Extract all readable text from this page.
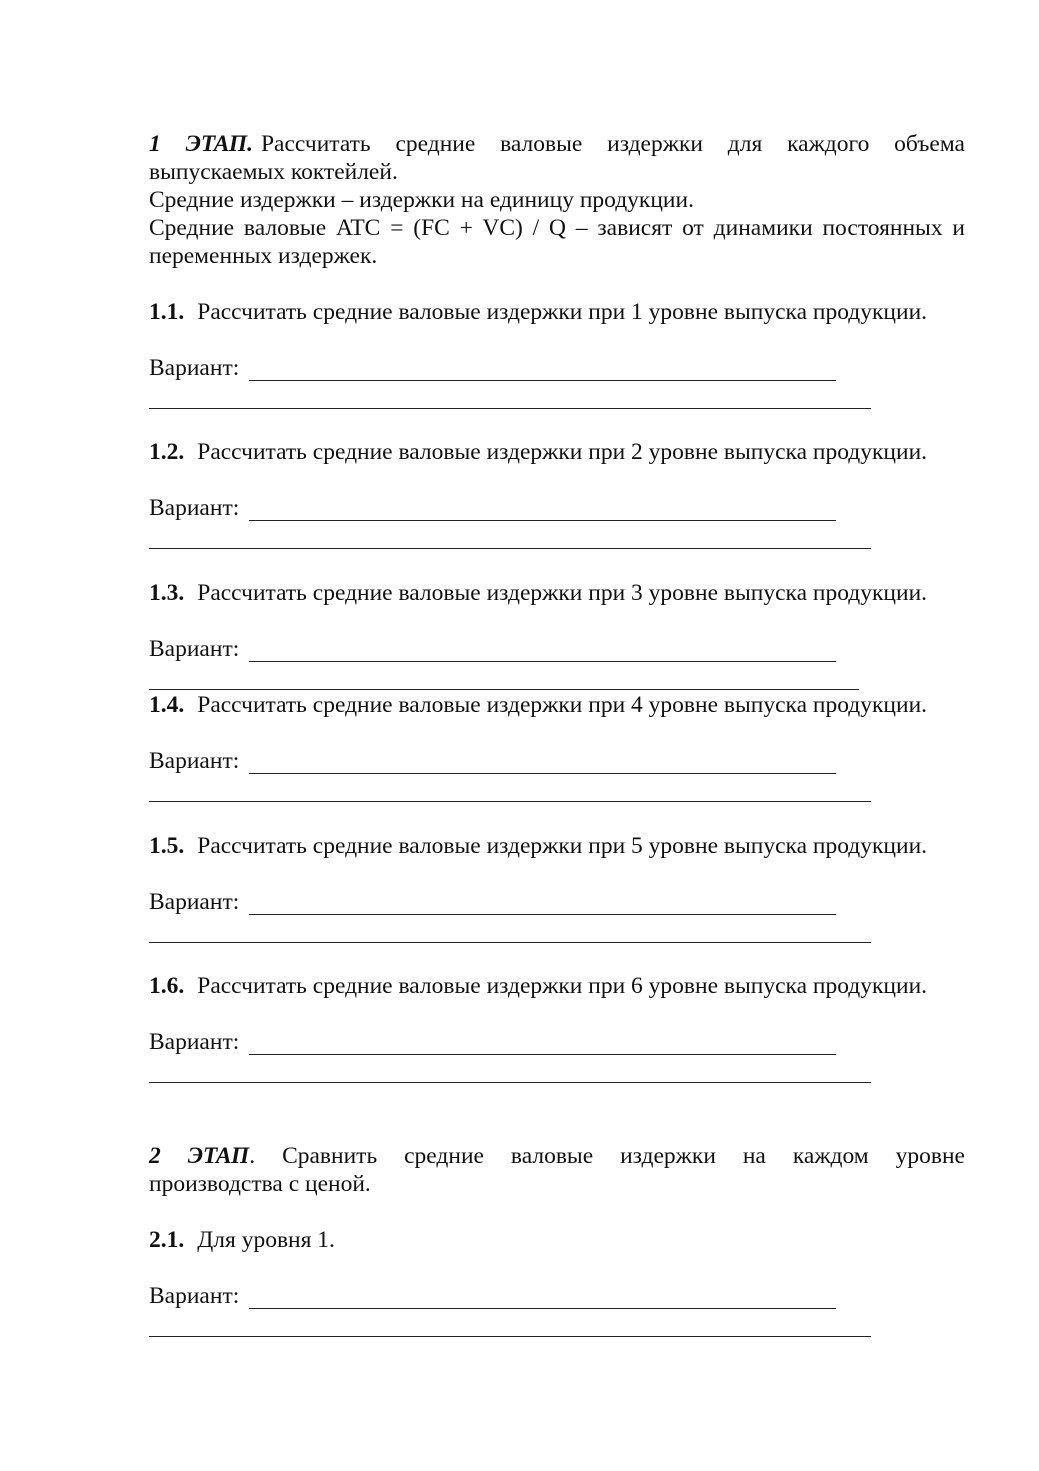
1 ЭТАП. Рассчитать средние валовые издержки для каждого объема
выпускаемых коктейлей.
Средние издержки – издержки на единицу продукции.
Средние валовые ATC = (FC + VC) / Q – зависят от динамики постоянных и
переменных издержек.
1.1. Рассчитать средние валовые издержки при 1 уровне выпуска продукции.
Вариант:
1.2. Рассчитать средние валовые издержки при 2 уровне выпуска продукции.
Вариант:
1.3. Рассчитать средние валовые издержки при 3 уровне выпуска продукции.
Вариант:
1.4. Рассчитать средние валовые издержки при 4 уровне выпуска продукции.
Вариант:
1.5. Рассчитать средние валовые издержки при 5 уровне выпуска продукции.
Вариант:
1.6. Рассчитать средние валовые издержки при 6 уровне выпуска продукции.
Вариант:
2 ЭТАП. Сравнить средние валовые издержки на каждом уровне
производства с ценой.
2.1. Для уровня 1.
Вариант:
